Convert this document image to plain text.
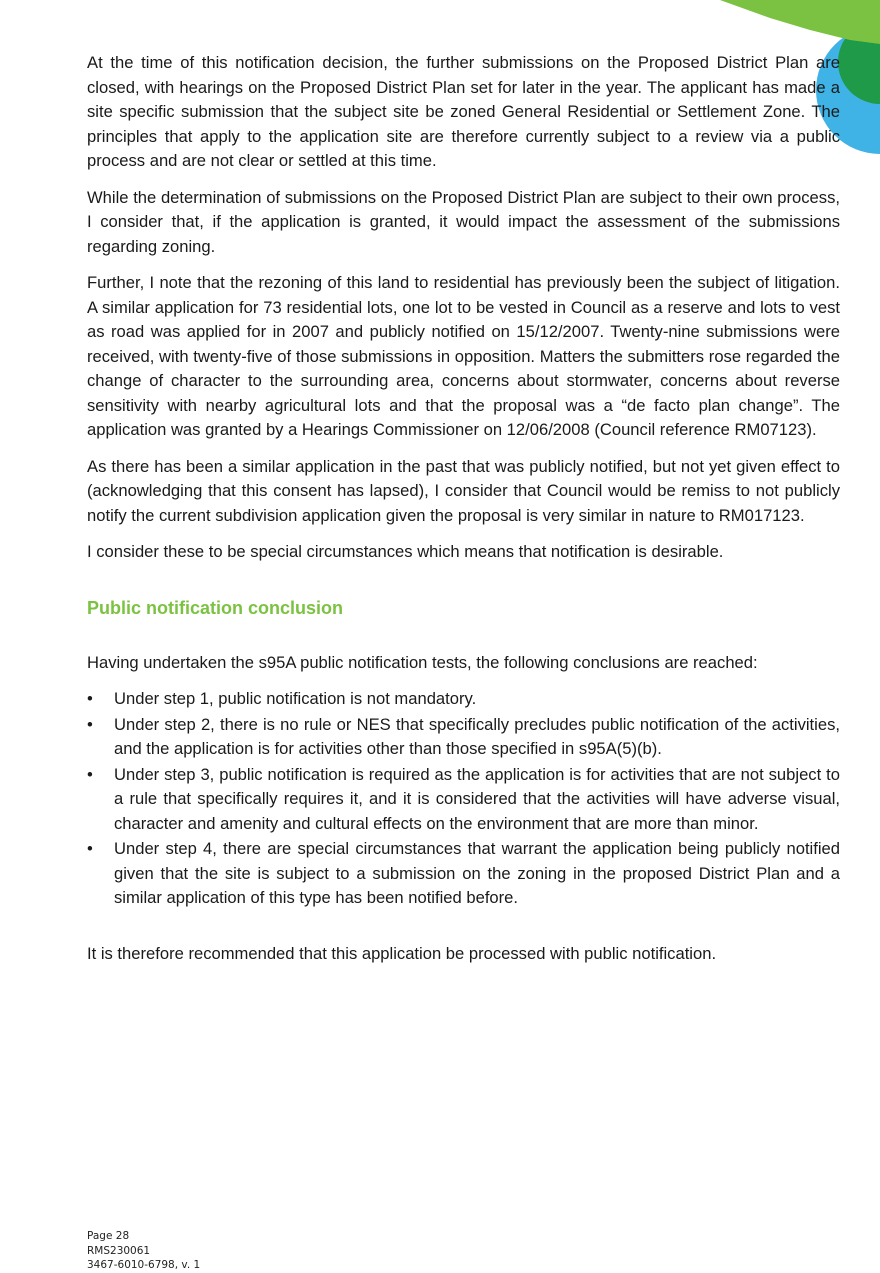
At the time of this notification decision, the further submissions on the Proposed District Plan are closed, with hearings on the Proposed District Plan set for later in the year. The applicant has made a site specific submission that the subject site be zoned General Residential or Settlement Zone. The principles that apply to the application site are therefore currently subject to a review via a public process and are not clear or settled at this time.

While the determination of submissions on the Proposed District Plan are subject to their own process, I consider that, if the application is granted, it would impact the assessment of the submissions regarding zoning.

Further, I note that the rezoning of this land to residential has previously been the subject of litigation. A similar application for 73 residential lots, one lot to be vested in Council as a reserve and lots to vest as road was applied for in 2007 and publicly notified on 15/12/2007. Twenty-nine submissions were received, with twenty-five of those submissions in opposition. Matters the submitters rose regarded the change of character to the surrounding area, concerns about stormwater, concerns about reverse sensitivity with nearby agricultural lots and that the proposal was a “de facto plan change”. The application was granted by a Hearings Commissioner on 12/06/2008 (Council reference RM07123).

As there has been a similar application in the past that was publicly notified, but not yet given effect to (acknowledging that this consent has lapsed), I consider that Council would be remiss to not publicly notify the current subdivision application given the proposal is very similar in nature to RM017123.

I consider these to be special circumstances which means that notification is desirable.

Public notification conclusion

Having undertaken the s95A public notification tests, the following conclusions are reached:

• Under step 1, public notification is not mandatory.
• Under step 2, there is no rule or NES that specifically precludes public notification of the activities, and the application is for activities other than those specified in s95A(5)(b).
• Under step 3, public notification is required as the application is for activities that are not subject to a rule that specifically requires it, and it is considered that the activities will have adverse visual, character and amenity and cultural effects on the environment that are more than minor.
• Under step 4, there are special circumstances that warrant the application being publicly notified given that the site is subject to a submission on the zoning in the proposed District Plan and a similar application of this type has been notified before.

It is therefore recommended that this application be processed with public notification.

Page 28
RMS230061
3467-6010-6798, v. 1
